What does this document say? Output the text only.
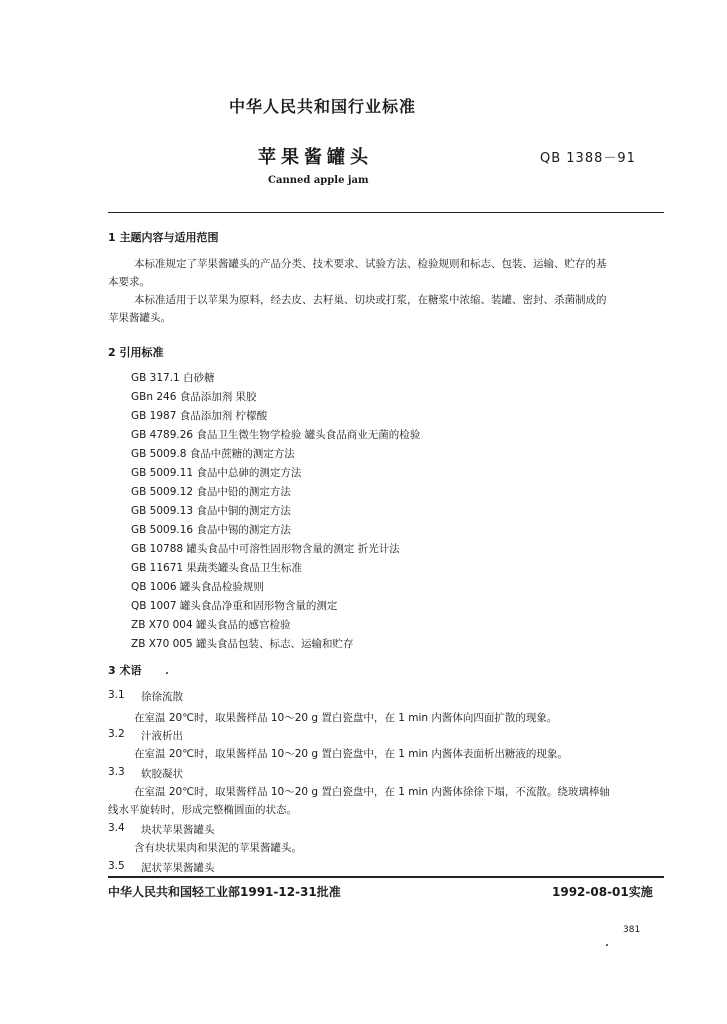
中华人民共和国行业标准
苹果酱罐头	QB 1388－91
Canned apple jam
1 主题内容与适用范围
本标准规定了苹果酱罐头的产品分类、技术要求、试验方法、检验规则和标志、包装、运输、贮存的基
本要求。
本标准适用于以苹果为原料，经去皮、去籽巢、切块或打浆，在糖浆中浓缩、装罐、密封、杀菌制成的
苹果酱罐头。
2 引用标准
GB 317.1 白砂糖
GBn 246 食品添加剂 果胶
GB 1987 食品添加剂 柠檬酸
GB 4789.26 食品卫生微生物学检验 罐头食品商业无菌的检验
GB 5009.8 食品中蔗糖的测定方法
GB 5009.11 食品中总砷的测定方法
GB 5009.12 食品中铅的测定方法
GB 5009.13 食品中铜的测定方法
GB 5009.16 食品中锡的测定方法
GB 10788 罐头食品中可溶性固形物含量的测定 折光计法
GB 11671 果蔬类罐头食品卫生标准
QB 1006 罐头食品检验规则
QB 1007 罐头食品净重和固形物含量的测定
ZB X70 004 罐头食品的感官检验
ZB X70 005 罐头食品包装、标志、运输和贮存
3 术语
3.1 徐徐流散
在室温 20℃时，取果酱样品 10～20 g 置白瓷盘中，在 1 min 内酱体向四面扩散的现象。
3.2 汁液析出
在室温 20℃时，取果酱样品 10～20 g 置白瓷盘中，在 1 min 内酱体表面析出糖液的现象。
3.3 软胶凝状
在室温 20℃时，取果酱样品 10～20 g 置白瓷盘中，在 1 min 内酱体徐徐下塌，不流散。绕玻璃棒轴
线水平旋转时，形成完整椭圆面的状态。
3.4 块状苹果酱罐头
含有块状果肉和果泥的苹果酱罐头。
3.5 泥状苹果酱罐头
中华人民共和国轻工业部1991-12-31批准	1992-08-01实施
381
